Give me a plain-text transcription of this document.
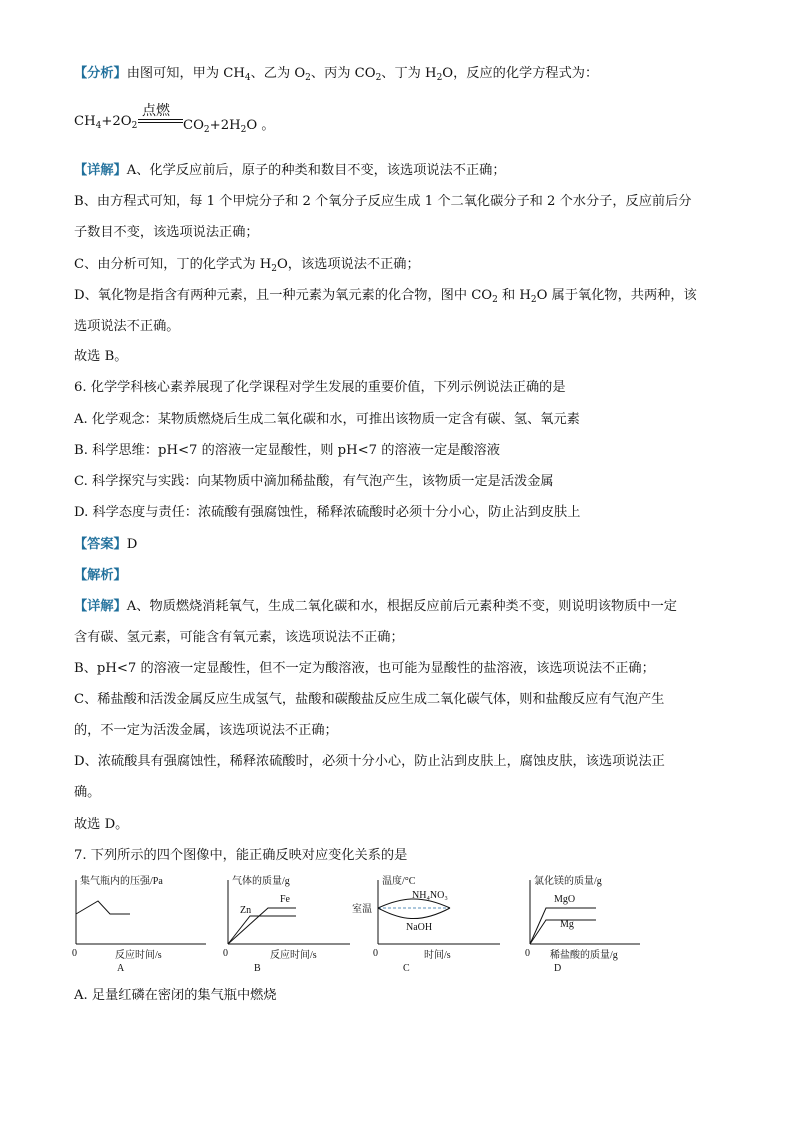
【分析】由图可知，甲为 $CH_4$、乙为 $O_2$、丙为 $CO_2$、丁为 $H_2O$，反应的化学方程式为：
$CH_4+2O_2$
点燃
$CO_2+2H_2O$ 。
【详解】A、化学反应前后，原子的种类和数目不变，该选项说法不正确；
B、由方程式可知，每 1 个甲烷分子和 2 个氧分子反应生成 1 个二氧化碳分子和 2 个水分子，反应前后分
子数目不变，该选项说法正确；
C、由分析可知，丁的化学式为 $H_2O$，该选项说法不正确；
D、氧化物是指含有两种元素，且一种元素为氧元素的化合物，图中 $CO_2$ 和 $H_2O$ 属于氧化物，共两种，该
选项说法不正确。
故选 B。
6. 化学学科核心素养展现了化学课程对学生发展的重要价值，下列示例说法正确的是
A. 化学观念：某物质燃烧后生成二氧化碳和水，可推出该物质一定含有碳、氢、氧元素
B. 科学思维：pH<7 的溶液一定显酸性，则 pH<7 的溶液一定是酸溶液
C. 科学探究与实践：向某物质中滴加稀盐酸，有气泡产生，该物质一定是活泼金属
D. 科学态度与责任：浓硫酸有强腐蚀性，稀释浓硫酸时必须十分小心，防止沾到皮肤上
【答案】D
【解析】
【详解】A、物质燃烧消耗氧气，生成二氧化碳和水，根据反应前后元素种类不变，则说明该物质中一定
含有碳、氢元素，可能含有氧元素，该选项说法不正确；
B、pH<7 的溶液一定显酸性，但不一定为酸溶液，也可能为显酸性的盐溶液，该选项说法不正确；
C、稀盐酸和活泼金属反应生成氢气，盐酸和碳酸盐反应生成二氧化碳气体，则和盐酸反应有气泡产生
的，不一定为活泼金属，该选项说法不正确；
D、浓硫酸具有强腐蚀性，稀释浓硫酸时，必须十分小心，防止沾到皮肤上，腐蚀皮肤，该选项说法正
确。
故选 D。
7. 下列所示的四个图像中，能正确反映对应变化关系的是
集气瓶内的压强/Pa
反应时间/s
0
A
气体的质量/g
Zn
Fe
反应时间/s
0
B
温度/°C
室温
NH₄NO₃
NaOH
时间/s
0
C
氯化镁的质量/g
MgO
Mg
稀盐酸的质量/g
0
D
A. 足量红磷在密闭的集气瓶中燃烧
